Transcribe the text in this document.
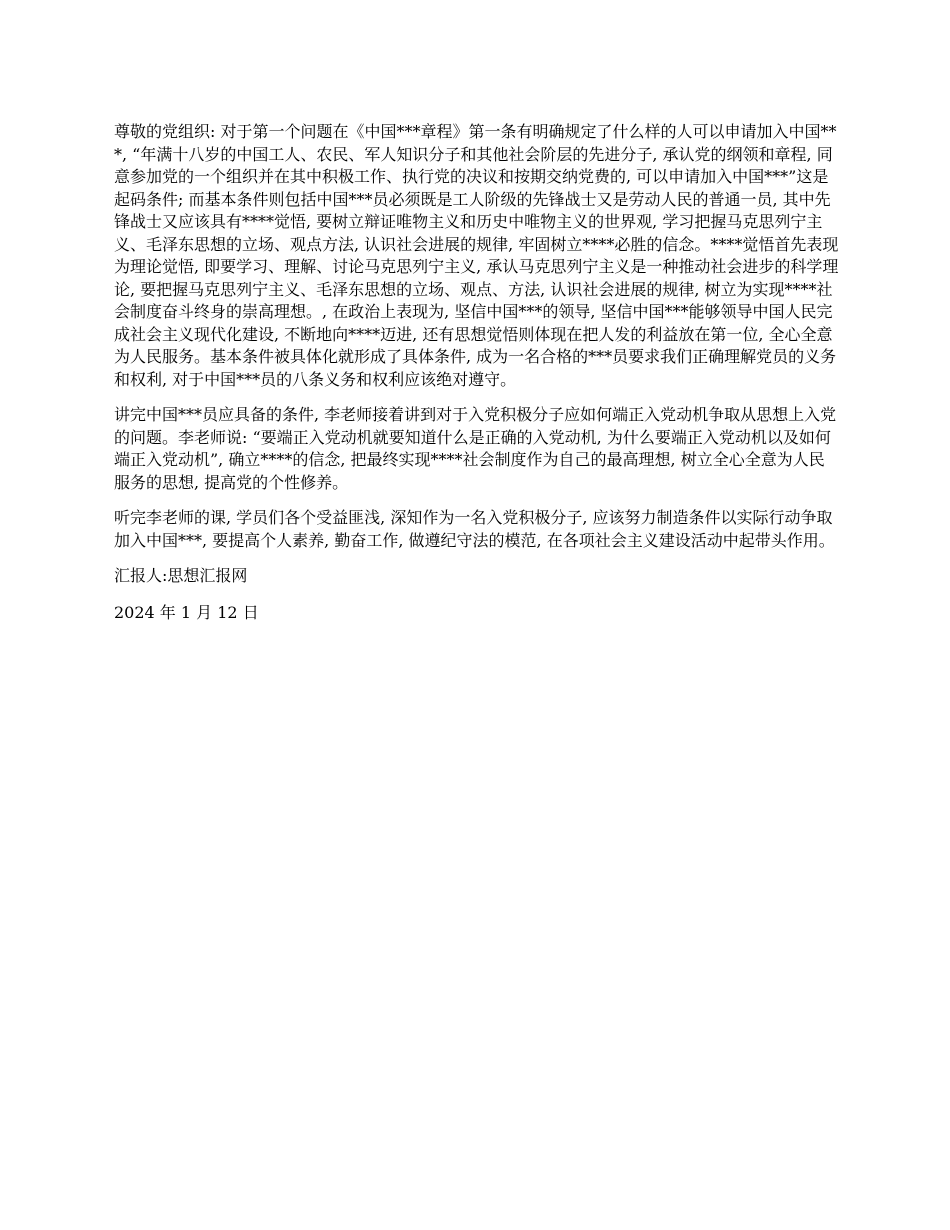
尊敬的党组织: 对于第一个问题在《中国***章程》第一条有明确规定了什么样的人可以申请加入中国***, “年满十八岁的中国工人、农民、军人知识分子和其他社会阶层的先进分子, 承认党的纲领和章程, 同意参加党的一个组织并在其中积极工作、执行党的决议和按期交纳党费的, 可以申请加入中国***”这是起码条件; 而基本条件则包括中国***员必须既是工人阶级的先锋战士又是劳动人民的普通一员, 其中先锋战士又应该具有****觉悟, 要树立辩证唯物主义和历史中唯物主义的世界观, 学习把握马克思列宁主义、毛泽东思想的立场、观点方法, 认识社会进展的规律, 牢固树立****必胜的信念。****觉悟首先表现为理论觉悟, 即要学习、理解、讨论马克思列宁主义, 承认马克思列宁主义是一种推动社会进步的科学理论, 要把握马克思列宁主义、毛泽东思想的立场、观点、方法, 认识社会进展的规律, 树立为实现****社会制度奋斗终身的崇高理想。, 在政治上表现为, 坚信中国***的领导, 坚信中国***能够领导中国人民完成社会主义现代化建设, 不断地向****迈进, 还有思想觉悟则体现在把人发的利益放在第一位, 全心全意为人民服务。基本条件被具体化就形成了具体条件, 成为一名合格的***员要求我们正确理解党员的义务和权利, 对于中国***员的八条义务和权利应该绝对遵守。

讲完中国***员应具备的条件, 李老师接着讲到对于入党积极分子应如何端正入党动机争取从思想上入党的问题。李老师说: “要端正入党动机就要知道什么是正确的入党动机, 为什么要端正入党动机以及如何端正入党动机”, 确立****的信念, 把最终实现****社会制度作为自己的最高理想, 树立全心全意为人民服务的思想, 提高党的个性修养。

听完李老师的课, 学员们各个受益匪浅, 深知作为一名入党积极分子, 应该努力制造条件以实际行动争取加入中国***, 要提高个人素养, 勤奋工作, 做遵纪守法的模范, 在各项社会主义建设活动中起带头作用。

汇报人:思想汇报网

2024 年 1 月 12 日
